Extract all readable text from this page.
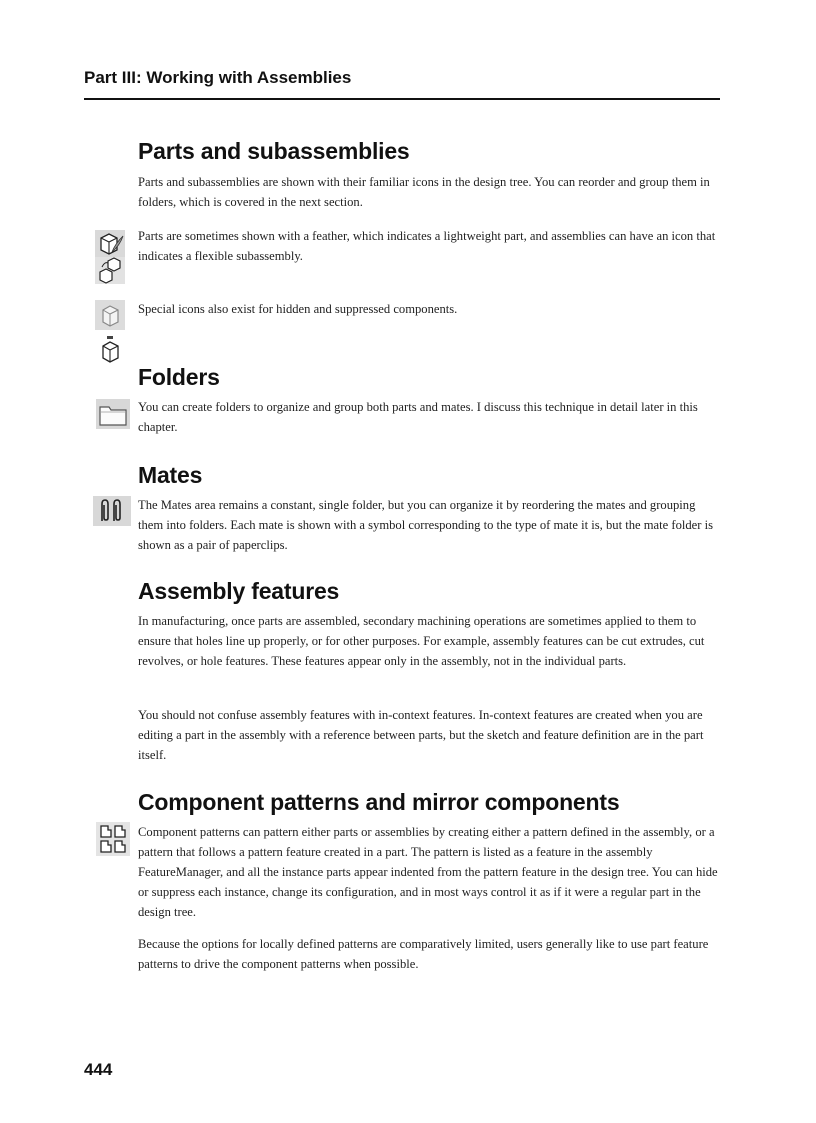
Part III: Working with Assemblies
Parts and subassemblies

Parts and subassemblies are shown with their familiar icons in the design tree. You can reorder and group them in folders, which is covered in the next section.

Parts are sometimes shown with a feather, which indicates a lightweight part, and assemblies can have an icon that indicates a flexible subassembly.

Special icons also exist for hidden and suppressed components.

Folders

You can create folders to organize and group both parts and mates. I discuss this technique in detail later in this chapter.

Mates

The Mates area remains a constant, single folder, but you can organize it by reordering the mates and grouping them into folders. Each mate is shown with a symbol corresponding to the type of mate it is, but the mate folder is shown as a pair of paperclips.

Assembly features

In manufacturing, once parts are assembled, secondary machining operations are sometimes applied to them to ensure that holes line up properly, or for other purposes. For example, assembly features can be cut extrudes, cut revolves, or hole features. These features appear only in the assembly, not in the individual parts.

You should not confuse assembly features with in-context features. In-context features are created when you are editing a part in the assembly with a reference between parts, but the sketch and feature definition are in the part itself.

Component patterns and mirror components

Component patterns can pattern either parts or assemblies by creating either a pattern defined in the assembly, or a pattern that follows a pattern feature created in a part. The pattern is listed as a feature in the assembly FeatureManager, and all the instance parts appear indented from the pattern feature in the design tree. You can hide or suppress each instance, change its configuration, and in most ways control it as if it were a regular part in the design tree.

Because the options for locally defined patterns are comparatively limited, users generally like to use part feature patterns to drive the component patterns when possible.

444
